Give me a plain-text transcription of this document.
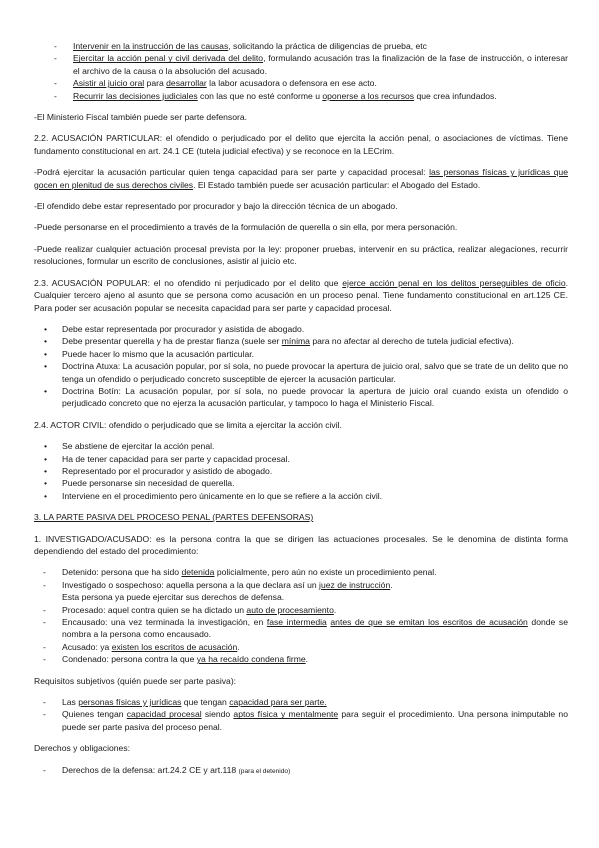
- Intervenir en la instrucción de las causas, solicitando la práctica de diligencias de prueba, etc
- Ejercitar la acción penal y civil derivada del delito, formulando acusación tras la finalización de la fase de instrucción, o interesar el archivo de la causa o la absolución del acusado.
- Asistir al juicio oral para desarrollar la labor acusadora o defensora en ese acto.
- Recurrir las decisiones judiciales con las que no esté conforme u oponerse a los recursos que crea infundados.

-El Ministerio Fiscal también puede ser parte defensora.

2.2. ACUSACIÓN PARTICULAR: el ofendido o perjudicado por el delito que ejercita la acción penal, o asociaciones de víctimas. Tiene fundamento constitucional en art. 24.1 CE (tutela judicial efectiva) y se reconoce en la LECrim.

-Podrá ejercitar la acusación particular quien tenga capacidad para ser parte y capacidad procesal: las personas físicas y jurídicas que gocen en plenitud de sus derechos civiles. El Estado también puede ser acusación particular: el Abogado del Estado.

-El ofendido debe estar representado por procurador y bajo la dirección técnica de un abogado.

-Puede personarse en el procedimiento a través de la formulación de querella o sin ella, por mera personación.

-Puede realizar cualquier actuación procesal prevista por la ley: proponer pruebas, intervenir en su práctica, realizar alegaciones, recurrir resoluciones, formular un escrito de conclusiones, asistir al juicio etc.

2.3. ACUSACIÓN POPULAR: el no ofendido ni perjudicado por el delito que ejerce acción penal en los delitos perseguibles de oficio. Cualquier tercero ajeno al asunto que se persona como acusación en un proceso penal. Tiene fundamento constitucional en art.125 CE. Para poder ser acusación popular se necesita capacidad para ser parte y capacidad procesal.

• Debe estar representada por procurador y asistida de abogado.
• Debe presentar querella y ha de prestar fianza (suele ser mínima para no afectar al derecho de tutela judicial efectiva).
• Puede hacer lo mismo que la acusación particular.
• Doctrina Atuxa: La acusación popular, por sí sola, no puede provocar la apertura de juicio oral, salvo que se trate de un delito que no tenga un ofendido o perjudicado concreto susceptible de ejercer la acusación particular.
• Doctrina Botín: La acusación popular, por sí sola, no puede provocar la apertura de juicio oral cuando exista un ofendido o perjudicado concreto que no ejerza la acusación particular, y tampoco lo haga el Ministerio Fiscal.

2.4. ACTOR CIVIL: ofendido o perjudicado que se limita a ejercitar la acción civil.

• Se abstiene de ejercitar la acción penal.
• Ha de tener capacidad para ser parte y capacidad procesal.
• Representado por el procurador y asistido de abogado.
• Puede personarse sin necesidad de querella.
• Interviene en el procedimiento pero únicamente en lo que se refiere a la acción civil.

3. LA PARTE PASIVA DEL PROCESO PENAL (PARTES DEFENSORAS)

1. INVESTIGADO/ACUSADO: es la persona contra la que se dirigen las actuaciones procesales. Se le denomina de distinta forma dependiendo del estado del procedimiento:

- Detenido: persona que ha sido detenida policialmente, pero aún no existe un procedimiento penal.
- Investigado o sospechoso: aquella persona a la que declara así un juez de instrucción.
Esta persona ya puede ejercitar sus derechos de defensa.
- Procesado: aquel contra quien se ha dictado un auto de procesamiento.
- Encausado: una vez terminada la investigación, en fase intermedia antes de que se emitan los escritos de acusación donde se nombra a la persona como encausado.
- Acusado: ya existen los escritos de acusación.
- Condenado: persona contra la que ya ha recaído condena firme.

Requisitos subjetivos (quién puede ser parte pasiva):

- Las personas físicas y jurídicas que tengan capacidad para ser parte.
- Quienes tengan capacidad procesal siendo aptos física y mentalmente para seguir el procedimiento. Una persona inimputable no puede ser parte pasiva del proceso penal.

Derechos y obligaciones:

- Derechos de la defensa: art.24.2 CE y art.118 (para el detenido)
